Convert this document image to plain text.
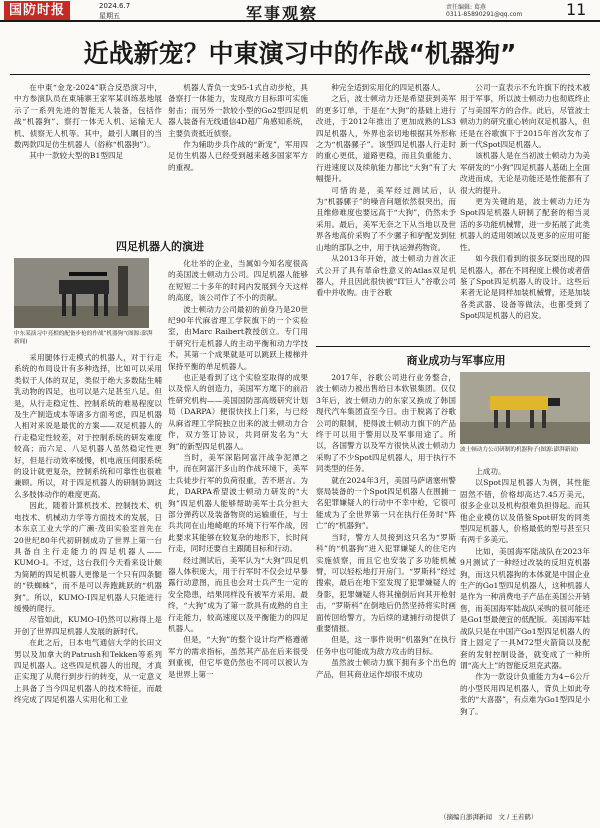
国防时报	2024.6.7
星期五	军事观察	责任编辑: 葛燕
0311-85890291@qq.com	11
近战新宠？中東演习中的作战“机器狗”

在中東“金龙-2024”联合反恐演习中，中方参演队员在東埔寨王家军某训练基地展示了一系列先进的智能无人装备，包括作战“机器狗”、察打一体无人机、运输无人机、侦察无人机等。其中，最引人瞩目的当数两款四足仿生机器人（俗称“机器狗”）。

其中一款较大型的B1型四足

机器人背负一支95-1式自动步枪，具备察打一体能力，发现敌方目标即可实施射击；而另外一款较小型的Go2型四足机器人装备有无线通信4D超广角感知系统，主要负责抵近侦察。

作为辅助步兵作战的“新宠”，军用四足仿生机器人已经受到越来越多国家军方的重视。

种完全适到实用化的四足机器人。

之后，波士顿动力还是希望获到美军的更多订单，于是在“大狗”的基础上进行改进，于2012年推出了更加成熟的LS3四足机器人，外界也亲切地根据其外形称之为“机器骡子”。该型四足机器人行走时的重心更低，道路更稳，而且负重能力、行进速度以及续航能力都比“大狗”有了大幅提升。

可惜的是，美军经过测试后，认为“机器骡子”的噪音问题依然很突出，而且维修难度也要远高于“大狗”，仍然未予采用。最后，美军无奈之下从当地以及世界各地高价采购了不少骡子和驴配发到驻山地的部队之中，用于执运弹药物资。

从2013年开始，波士顿动力首次正式公开了具有革命性意义的Atlas双足机器人，并且因此很快被“IT巨人”谷歌公司看中并收购。由于谷歌

公司一直表示不允许旗下的技术被用于军事，所以波士顿动力也彻底终止了与美国军方的合作。此后，尽管波士顿动力的研究重心转向双足机器人，但还是在谷歌旗下于2015年首次发布了新一代Spot四足机器人。

该机器人是在当初波士顿动力为美军研发的“小狗”四足机器人基础上全面改进而成，无论是功能还是性能都有了很大的提升。

更为关键的是，波士顿动力还为Spot四足机器人研制了配套的相当灵活的多功能机械臂，进一步拓展了此类机器人的适用领域以及更多的应用可能性。

如今我们看到的很多玩耍出现的四足机器人，都在不同程度上模仿或者借鉴了Spot四足机器人的设计。这些后来者无论是同样加装机械臂，还是加装各类武器、设备等做法，也都受到了Spot四足机器人的启发。

四足机器人的演进
中东某演习中亮相的配备步枪的作战“机器狗”(图源:澎湃新闻)

采用腿体行走模式的机器人，对于行走系统的布局设计有多种选择，比如可以采用类似于人体的双足，类似于绝大多数陆生哺乳动物的四足，也可以是六足甚至八足。但是，从行走稳定性、控制系统的难易程度以及生产制造成本等诸多方面考虑，四足机器人相对来说是最优的方案——双足机器人的行走稳定性较差，对于控制系统的研发难度较高；而六足、八足机器人虽然稳定性更好，但是行动效率缓慢，机电液压伺服系统的设计就更复杂，控制系统和可靠性也很难兼顾。所以，对于四足机器人的研制协调这么多肢体动作的难度更高。

因此，随着计算机技术、控制技术、机电技术、机械动力学等方面技术的发展，日本东京工业大学的广濑·茂田实验室首先在20世纪80年代初研制成功了世界上第一台具备自主行走能力的四足机器人——KUMO-I。不过，这台我们今天看来设计颇为简陋的四足机器人更像是一个只有四条腿的“铁蜘蛛”，而不是可以奔跑跳跃的“机器狗”。所以，KUMO-I四足机器人只能进行缓慢的爬行。

尽管如此，KUMO-I仍然可以称得上是开创了世界四足机器人发展的新时代。

在此之后，日本电气通信大学的长田文男以及加拿大的Patrush和Tekken等系列四足机器人。这些四足机器人的出现，才真正实现了从爬行到步行的转变，从一定意义上具备了当今四足机器人的技术特征，而最终完成了四足机器人实用化和工业

化壮举的企业，当属如今知名度很高的美国波士顿动力公司。四足机器人能够在短短二十多年的时间内发展到今天这样的高度，该公司作了不小的贡献。

波士顿动力公司最初的前身乃是20世纪90年代麻省理工学院旗下的一个实验室，由Marc Raibert教授创立。专门用于研究行走机器人的主动平衡和动力学技术，其第一个成果就是可以跳跃上楼梯并保持平衡的单足机器人。

也正是看到了这个实验室取得的成果以及惊人的创造力，美国军方麾下的前沿性研究机构——美国国防部高级研究计划局（DARPA）便很快找上门来，与已经从麻省理工学院独立出来的波士顿动力合作，双方签订协议，共同研发名为“大狗”的新型四足机器人。

当时，美军深陷阿富汗战争泥潭之中，而在阿富汗多山的作战环境下，美军士兵徒步行军的负荷很重，苦不堪言。为此，DARPA希望波士顿动力研发的“大狗”四足机器人能够帮助美军士兵分担大部分弹药以及装备物资的运输重任，与士兵共同在山地崎岖的环境下行军作战，因此要求其能够在较复杂的地形下，长时间行走，同时还要自主跟随目标和行动。

经过测试后，美军认为“大狗”四足机器人体积庞大，用于行军时不仅会过早暴露行动意图，而且也会对士兵产生一定的安全隐患，结果同样没有被军方采用。最终，“大狗”成为了第一款具有成熟的自主行走能力，较高速度以及平衡能力的四足机器人。

但是，“大狗”的整个设计均严格遵循军方的需求指标，虽然其产品在后来很受到重视，但它毕竟仍然也不同可以被认为是世界上第一

商业成功与军事应用

2017年，谷歌公司进行业务整合，波士顿动力被出售给日本软银集团。仅仅3年后，波士顿动力的东家又换成了韩国现代汽车集团直至今日。由于脱离了谷歌公司的限制，使得波士顿动力旗下的产品终于可以用于警用以及军事用途了。所以，各国警方以及军方很快从波士顿动力采购了不少Spot四足机器人，用于执行不同类型的任务。

就在2024年3月，美国马萨诸塞州警察局装备的一个Spot四足机器人在围捕一名犯罪嫌疑人的行动中不幸中枪，它很可能成为了全世界第一只在执行任务时“阵亡”的“机器狗”。

当时，警方人员接到这只名为“罗斯科”的“机器狗”进入犯罪嫌疑人的住宅内实施侦察，而且它也安装了多功能机械臂，可以轻松地打开房门。“罗斯科”经过搜索，最后在地下室发现了犯罪嫌疑人的身影，犯罪嫌疑人将其撞倒后向其开枪射击，“罗斯科”在倒地后仍然坚持将实时画面传回给警方，为后续的逮捕行动提供了重要情报。

但是，这一事件说明“机器狗”在执行任务中也可能成为敌方攻击的目标。

虽然波士顿动力旗下拥有多个出色的产品，但其商业运作却很不成功

波士顿动力公司研制的机器狗子(图源:澎湃新闻)

上成功。

以Spot四足机器人为例，其性能固然不错，价格却高达7.45万美元，很多企业以及机构很难负担得起。而其他企业模仿以及借鉴Spot研发的同类型四足机器人，价格最低的型号甚至只有两千多美元。

比如，美国海军陆战队在2023年9月测试了一种经过改装的反坦克机器狗，而这只机器狗的本体就是中国企业生产的Go1型四足机器人，这种机器人是作为一种消费电子产品在美国公开销售，而美国海军陆战队采购的很可能还是Go1型最便宜的低配版。美国海军陆战队只是在中国产Go1型四足机器人的背上固定了一具M72型火箭筒以及配套的发射控制设备，就变成了一种所谓“高大上”的智能反坦克武器。

作为一款设计负重能力为4~6公斤的小型民用四足机器人，背负上如此夸张的“大喜器”，有点难为Go1型四足小狗了。

（摘编自澎湃新闻　文 / 王若鹤）
